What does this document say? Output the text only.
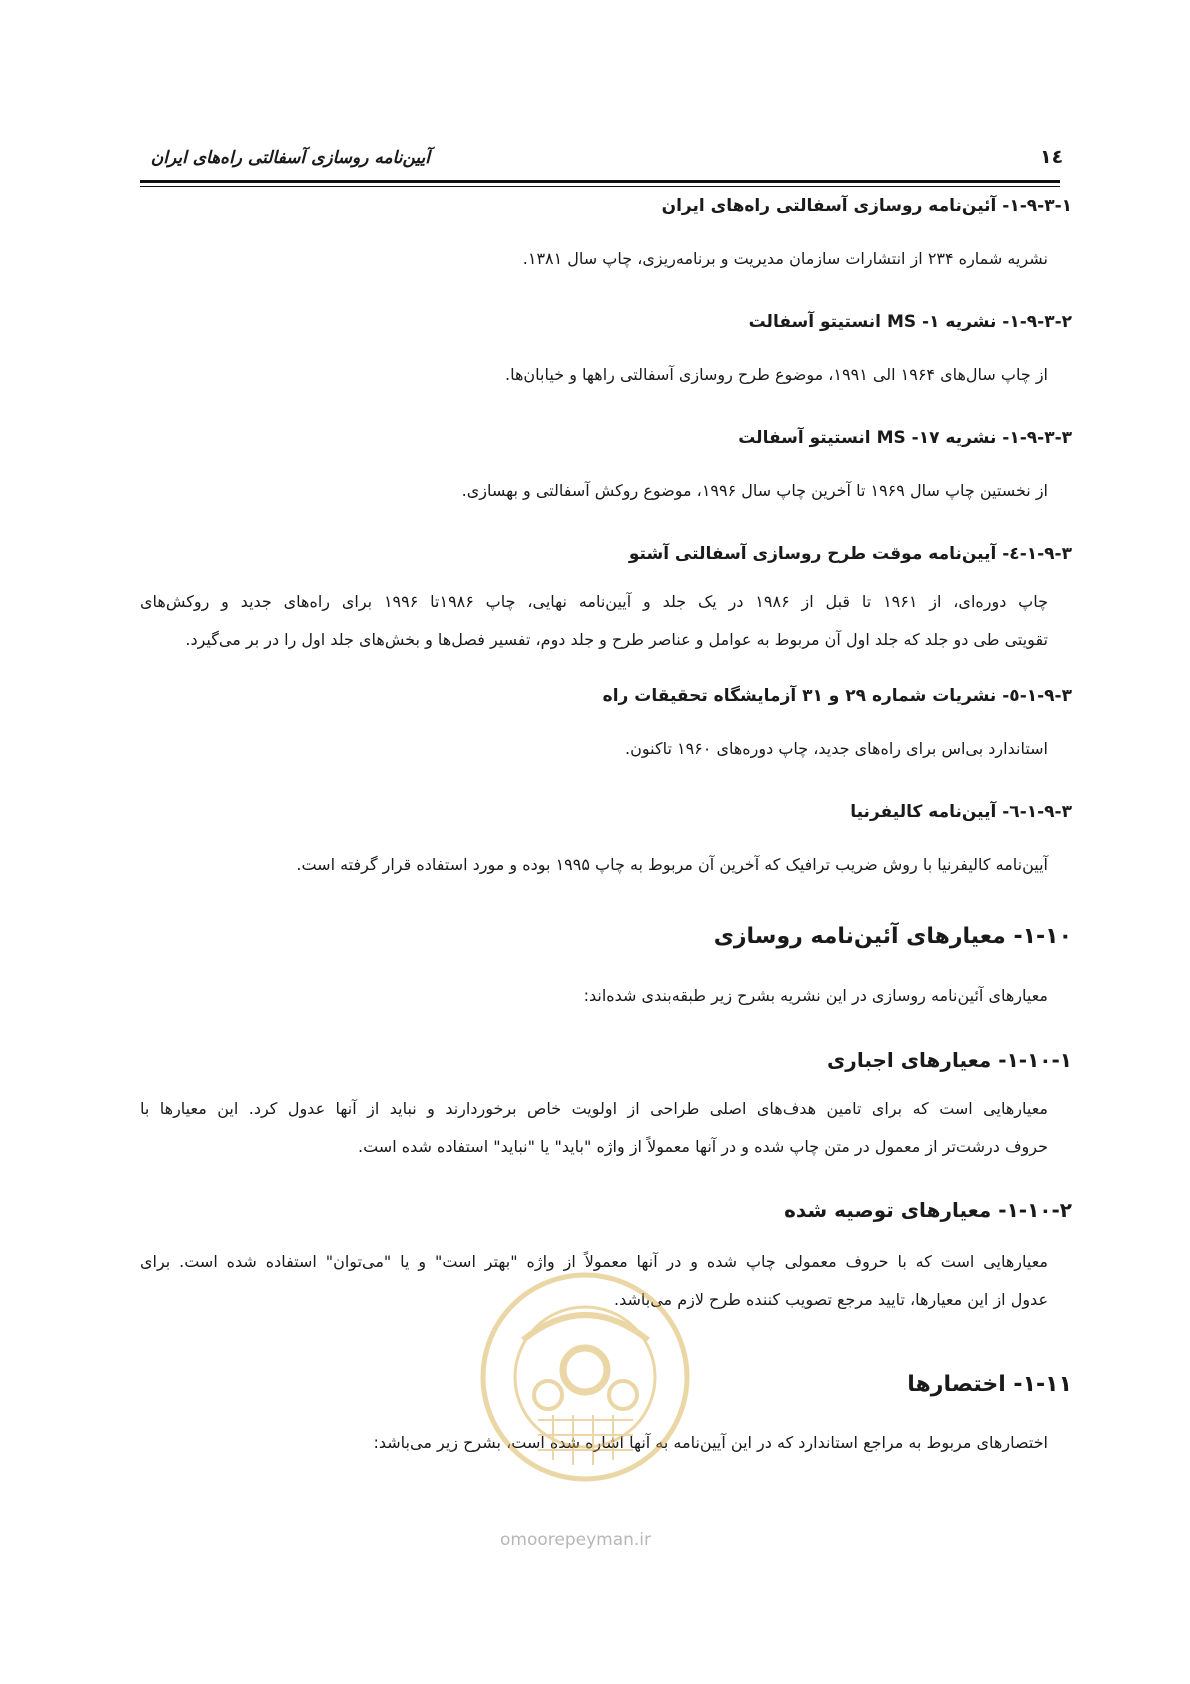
آیین‌نامه روسازی آسفالتی راه‌های ایران	۱٤
۱-۹-۳-۱- آئین‌نامه روسازی آسفالتی راه‌های ایران
نشریه شماره ۲۳۴ از انتشارات سازمان مدیریت و برنامه‌ریزی، چاپ سال ۱۳۸۱.
۱-۹-۳-۲- نشریه ۱- MS انستیتو آسفالت
از چاپ سال‌های ۱۹۶۴ الی ۱۹۹۱، موضوع طرح روسازی آسفالتی راهها و خیابان‌ها.
۱-۹-۳-۳- نشریه ۱۷- MS انستیتو آسفالت
از نخستین چاپ سال ۱۹۶۹ تا آخرین چاپ سال ۱۹۹۶، موضوع روکش آسفالتی و بهسازی.
۱-۹-۳-٤- آیین‌نامه موقت طرح روسازی آسفالتی آشتو
چاپ دوره‌ای، از ۱۹۶۱ تا قبل از ۱۹۸۶ در یک جلد و آیین‌نامه نهایی، چاپ ۱۹۸۶تا ۱۹۹۶ برای راه‌های جدید و روکش‌های
تقویتی طی دو جلد که جلد اول آن مربوط به عوامل و عناصر طرح و جلد دوم، تفسیر فصل‌ها و بخش‌های جلد اول را در بر می‌گیرد.
۱-۹-۳-٥- نشریات شماره ۲۹ و ۳۱ آزمایشگاه تحقیقات راه
استاندارد بی‌اس برای راه‌های جدید، چاپ دوره‌های ۱۹۶۰ تاکنون.
۱-۹-۳-٦- آیین‌نامه کالیفرنیا
آیین‌نامه کالیفرنیا با روش ضریب ترافیک که آخرین آن مربوط به چاپ ۱۹۹۵ بوده و مورد استفاده قرار گرفته است.
۱-۱۰- معیارهای آئین‌نامه روسازی
معیارهای آئین‌نامه روسازی در این نشریه بشرح زیر طبقه‌بندی شده‌اند:
۱-۱۰-۱- معیارهای اجباری
معیارهایی است که برای تامین هدف‌های اصلی طراحی از اولویت خاص برخوردارند و نباید از آنها عدول کرد. این معیارها با
حروف درشت‌تر از معمول در متن چاپ شده و در آنها معمولاً از واژه "باید" یا "نباید" استفاده شده است.
۱-۱۰-۲- معیارهای توصیه شده
معیارهایی است که با حروف معمولی چاپ شده و در آنها معمولاً از واژه "بهتر است" و یا "می‌توان" استفاده شده است. برای
عدول از این معیارها، تایید مرجع تصویب کننده طرح لازم می‌باشد.
۱-۱۱- اختصارها
اختصارهای مربوط به مراجع استاندارد که در این آیین‌نامه به آنها اشاره شده است، بشرح زیر می‌باشد:
omoorepeyman.ir
